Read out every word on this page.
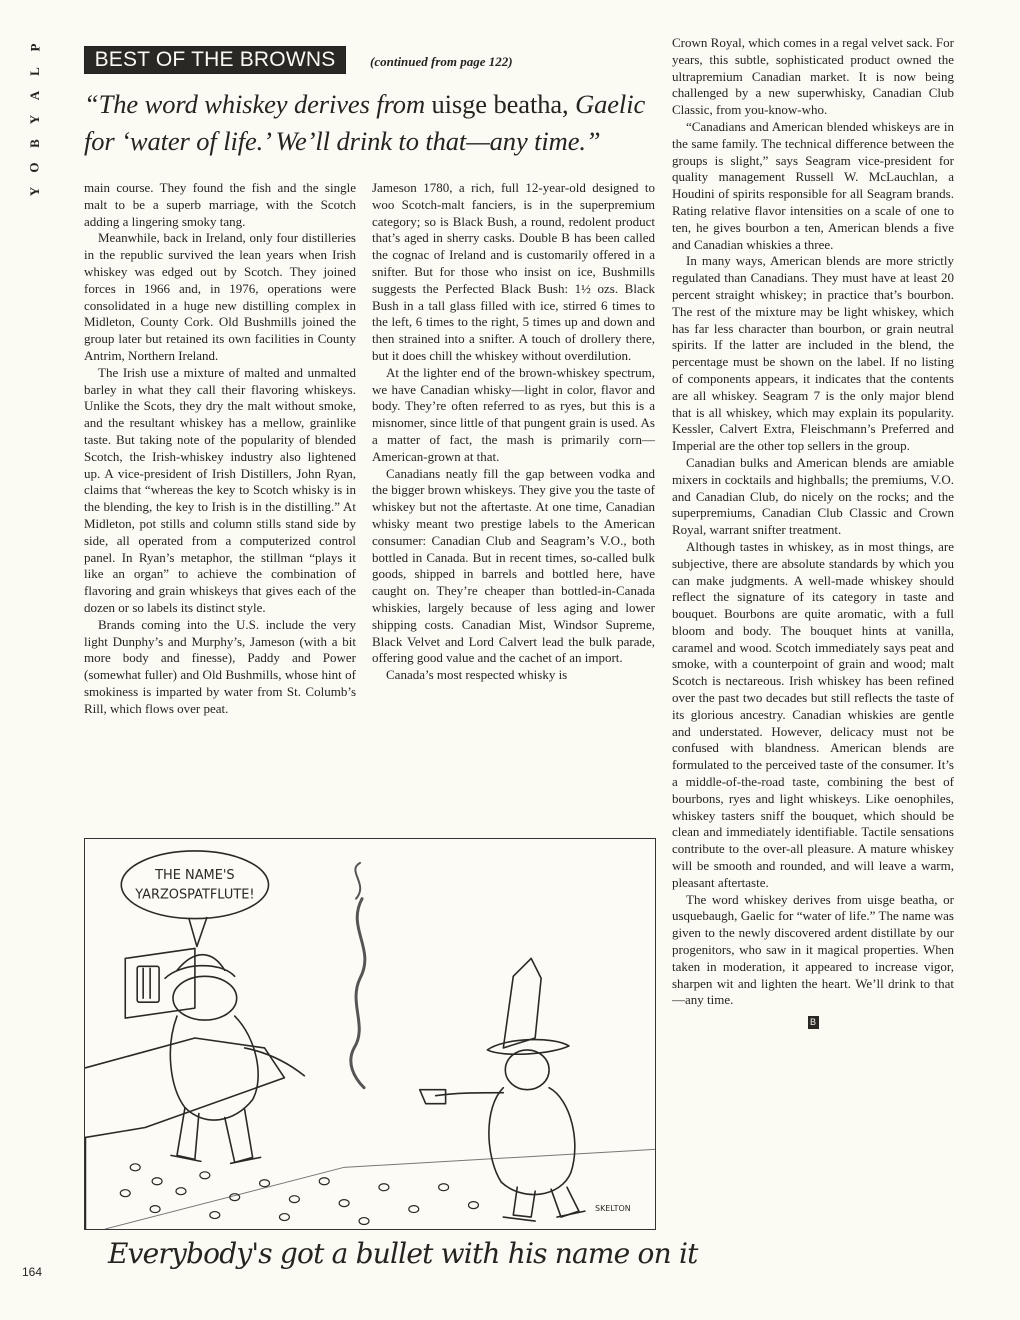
P
L
A
Y
B
O
Y
BEST OF THE BROWNS	(continued from page 122)
“The word whiskey derives from uisge beatha, Gaelic for ‘water of life.’ We’ll drink to that—any time.”

main course. They found the fish and the single malt to be a superb marriage, with the Scotch adding a lingering smoky tang.

Meanwhile, back in Ireland, only four distilleries in the republic survived the lean years when Irish whiskey was edged out by Scotch. They joined forces in 1966 and, in 1976, operations were consolidated in a huge new distilling complex in Midleton, County Cork. Old Bushmills joined the group later but retained its own facilities in County Antrim, Northern Ireland.

The Irish use a mixture of malted and unmalted barley in what they call their flavoring whiskeys. Unlike the Scots, they dry the malt without smoke, and the resultant whiskey has a mellow, grainlike taste. But taking note of the popularity of blended Scotch, the Irish-whiskey industry also lightened up. A vice-president of Irish Distillers, John Ryan, claims that “whereas the key to Scotch whisky is in the blending, the key to Irish is in the distilling.” At Midleton, pot stills and column stills stand side by side, all operated from a computerized control panel. In Ryan’s metaphor, the stillman “plays it like an organ” to achieve the combination of flavoring and grain whiskeys that gives each of the dozen or so labels its distinct style.

Brands coming into the U.S. include the very light Dunphy’s and Murphy’s, Jameson (with a bit more body and finesse), Paddy and Power (somewhat fuller) and Old Bushmills, whose hint of smokiness is imparted by water from St. Columb’s Rill, which flows over peat.

Jameson 1780, a rich, full 12-year-old designed to woo Scotch-malt fanciers, is in the superpremium category; so is Black Bush, a round, redolent product that’s aged in sherry casks. Double B has been called the cognac of Ireland and is customarily offered in a snifter. But for those who insist on ice, Bushmills suggests the Perfected Black Bush: 1½ ozs. Black Bush in a tall glass filled with ice, stirred 6 times to the left, 6 times to the right, 5 times up and down and then strained into a snifter. A touch of drollery there, but it does chill the whiskey without overdilution.

At the lighter end of the brown-whiskey spectrum, we have Canadian whisky—light in color, flavor and body. They’re often referred to as ryes, but this is a misnomer, since little of that pungent grain is used. As a matter of fact, the mash is primarily corn—American-grown at that.

Canadians neatly fill the gap between vodka and the bigger brown whiskeys. They give you the taste of whiskey but not the aftertaste. At one time, Canadian whisky meant two prestige labels to the American consumer: Canadian Club and Seagram’s V.O., both bottled in Canada. But in recent times, so-called bulk goods, shipped in barrels and bottled here, have caught on. They’re cheaper than bottled-in-Canada whiskies, largely because of less aging and lower shipping costs. Canadian Mist, Windsor Supreme, Black Velvet and Lord Calvert lead the bulk parade, offering good value and the cachet of an import.

Canada’s most respected whisky is

Crown Royal, which comes in a regal velvet sack. For years, this subtle, sophisticated product owned the ultrapremium Canadian market. It is now being challenged by a new superwhisky, Canadian Club Classic, from you-know-who.

“Canadians and American blended whiskeys are in the same family. The technical difference between the groups is slight,” says Seagram vice-president for quality management Russell W. McLauchlan, a Houdini of spirits responsible for all Seagram brands. Rating relative flavor intensities on a scale of one to ten, he gives bourbon a ten, American blends a five and Canadian whiskies a three.

In many ways, American blends are more strictly regulated than Canadians. They must have at least 20 percent straight whiskey; in practice that’s bourbon. The rest of the mixture may be light whiskey, which has far less character than bourbon, or grain neutral spirits. If the latter are included in the blend, the percentage must be shown on the label. If no listing of components appears, it indicates that the contents are all whiskey. Seagram 7 is the only major blend that is all whiskey, which may explain its popularity. Kessler, Calvert Extra, Fleischmann’s Preferred and Imperial are the other top sellers in the group.

Canadian bulks and American blends are amiable mixers in cocktails and highballs; the premiums, V.O. and Canadian Club, do nicely on the rocks; and the superpremiums, Canadian Club Classic and Crown Royal, warrant snifter treatment.

Although tastes in whiskey, as in most things, are subjective, there are absolute standards by which you can make judgments. A well-made whiskey should reflect the signature of its category in taste and bouquet. Bourbons are quite aromatic, with a full bloom and body. The bouquet hints at vanilla, caramel and wood. Scotch immediately says peat and smoke, with a counterpoint of grain and wood; malt Scotch is nectareous. Irish whiskey has been refined over the past two decades but still reflects the taste of its glorious ancestry. Canadian whiskies are gentle and understated. However, delicacy must not be confused with blandness. American blends are formulated to the perceived taste of the consumer. It’s a middle-of-the-road taste, combining the best of bourbons, ryes and light whiskeys. Like oenophiles, whiskey tasters sniff the bouquet, which should be clean and immediately identifiable. Tactile sensations contribute to the over-all pleasure. A mature whiskey will be smooth and rounded, and will leave a warm, pleasant aftertaste.

The word whiskey derives from uisge beatha, or usquebaugh, Gaelic for “water of life.” The name was given to the newly discovered ardent distillate by our progenitors, who saw in it magical properties. When taken in moderation, it appeared to increase vigor, sharpen wit and lighten the heart. We’ll drink to that—any time.

B
THE NAME'S
YARZOSPATFLUTE!
SKELTON
Everybody's got a bullet with his name on it
164
